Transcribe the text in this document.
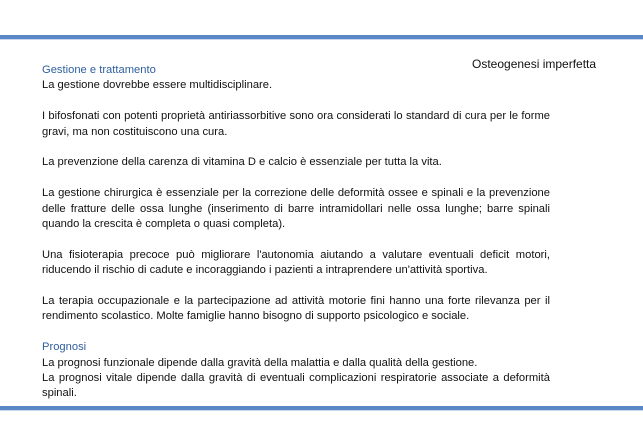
Osteogenesi imperfetta
Gestione e trattamento

La gestione dovrebbe essere multidisciplinare.

I bifosfonati con potenti proprietà antiriassorbitive sono ora considerati lo standard di cura per le forme gravi, ma non costituiscono una cura.

La prevenzione della carenza di vitamina D e calcio è essenziale per tutta la vita.

La gestione chirurgica è essenziale per la correzione delle deformità ossee e spinali e la prevenzione delle fratture delle ossa lunghe (inserimento di barre intramidollari nelle ossa lunghe; barre spinali quando la crescita è completa o quasi completa).

Una fisioterapia precoce può migliorare l'autonomia aiutando a valutare eventuali deficit motori, riducendo il rischio di cadute e incoraggiando i pazienti a intraprendere un'attività sportiva.

La terapia occupazionale e la partecipazione ad attività motorie fini hanno una forte rilevanza per il rendimento scolastico. Molte famiglie hanno bisogno di supporto psicologico e sociale.

Prognosi

La prognosi funzionale dipende dalla gravità della malattia e dalla qualità della gestione.

La prognosi vitale dipende dalla gravità di eventuali complicazioni respiratorie associate a deformità spinali.
